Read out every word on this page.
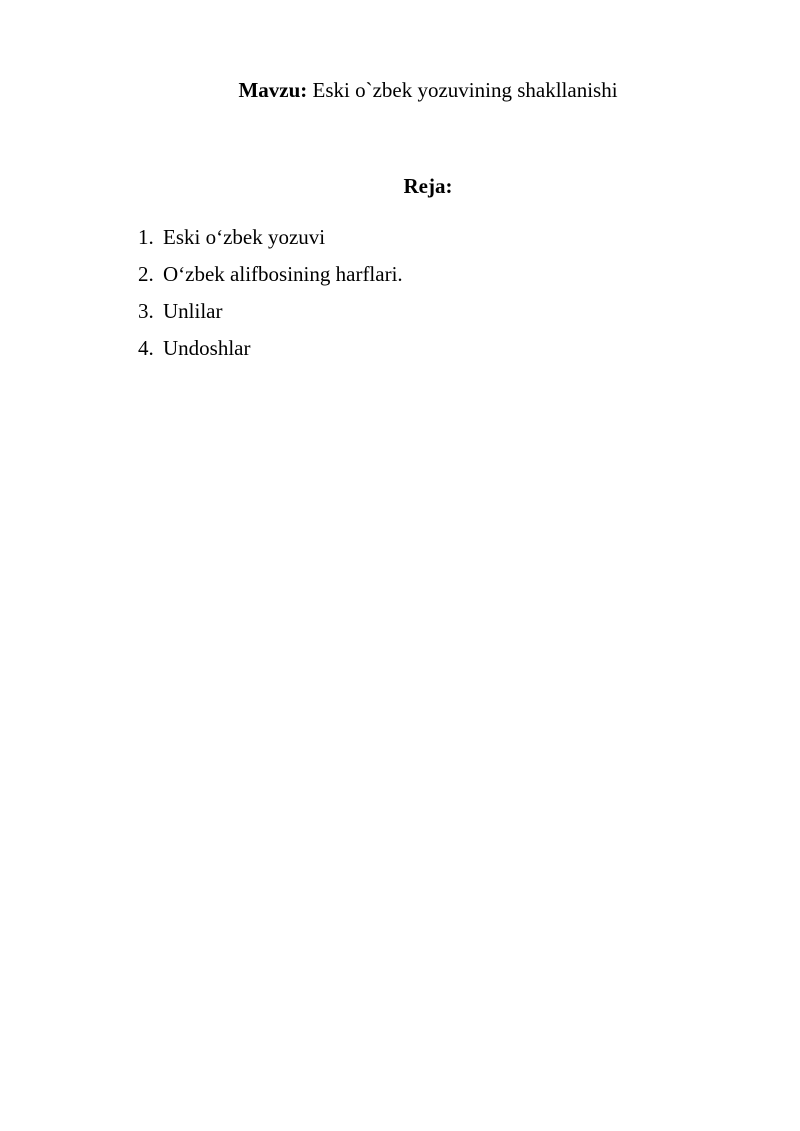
Mavzu: Eski o`zbek yozuvining shakllanishi
Reja:
1. Eski o‘zbek yozuvi
2. O‘zbek alifbosining harflari.
3. Unlilar
4. Undoshlar
